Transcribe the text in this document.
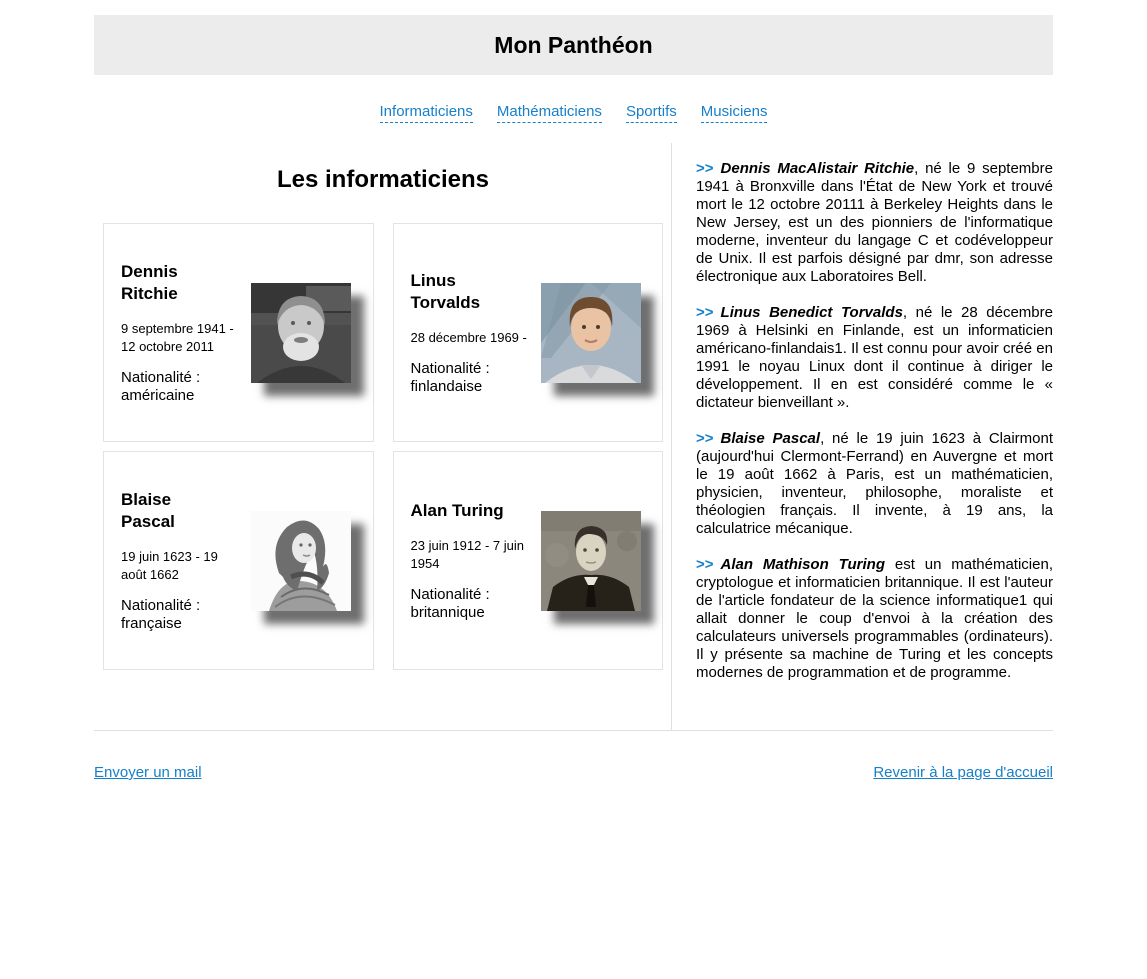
Mon Panthéon
Informaticiens Mathématiciens Sportifs Musiciens
Les informaticiens

Dennis Ritchie

9 septembre 1941 - 12 octobre 2011

Nationalité : américaine

Linus Torvalds

28 décembre 1969 -

Nationalité : finlandaise

Blaise Pascal

19 juin 1623 - 19 août 1662

Nationalité : française

Alan Turing

23 juin 1912 - 7 juin 1954

Nationalité : britannique

>> Dennis MacAlistair Ritchie, né le 9 septembre 1941 à Bronxville dans l'État de New York et trouvé mort le 12 octobre 20111 à Berkeley Heights dans le New Jersey, est un des pionniers de l'informatique moderne, inventeur du langage C et codéveloppeur de Unix. Il est parfois désigné par dmr, son adresse électronique aux Laboratoires Bell.

>> Linus Benedict Torvalds, né le 28 décembre 1969 à Helsinki en Finlande, est un informaticien américano-finlandais1. Il est connu pour avoir créé en 1991 le noyau Linux dont il continue à diriger le développement. Il en est considéré comme le « dictateur bienveillant ».

>> Blaise Pascal, né le 19 juin 1623 à Clairmont (aujourd'hui Clermont-Ferrand) en Auvergne et mort le 19 août 1662 à Paris, est un mathématicien, physicien, inventeur, philosophe, moraliste et théologien français. Il invente, à 19 ans, la calculatrice mécanique.

>> Alan Mathison Turing est un mathématicien, cryptologue et informaticien britannique. Il est l'auteur de l'article fondateur de la science informatique1 qui allait donner le coup d'envoi à la création des calculateurs universels programmables (ordinateurs). Il y présente sa machine de Turing et les concepts modernes de programmation et de programme.

Envoyer un mail	Revenir à la page d'accueil
